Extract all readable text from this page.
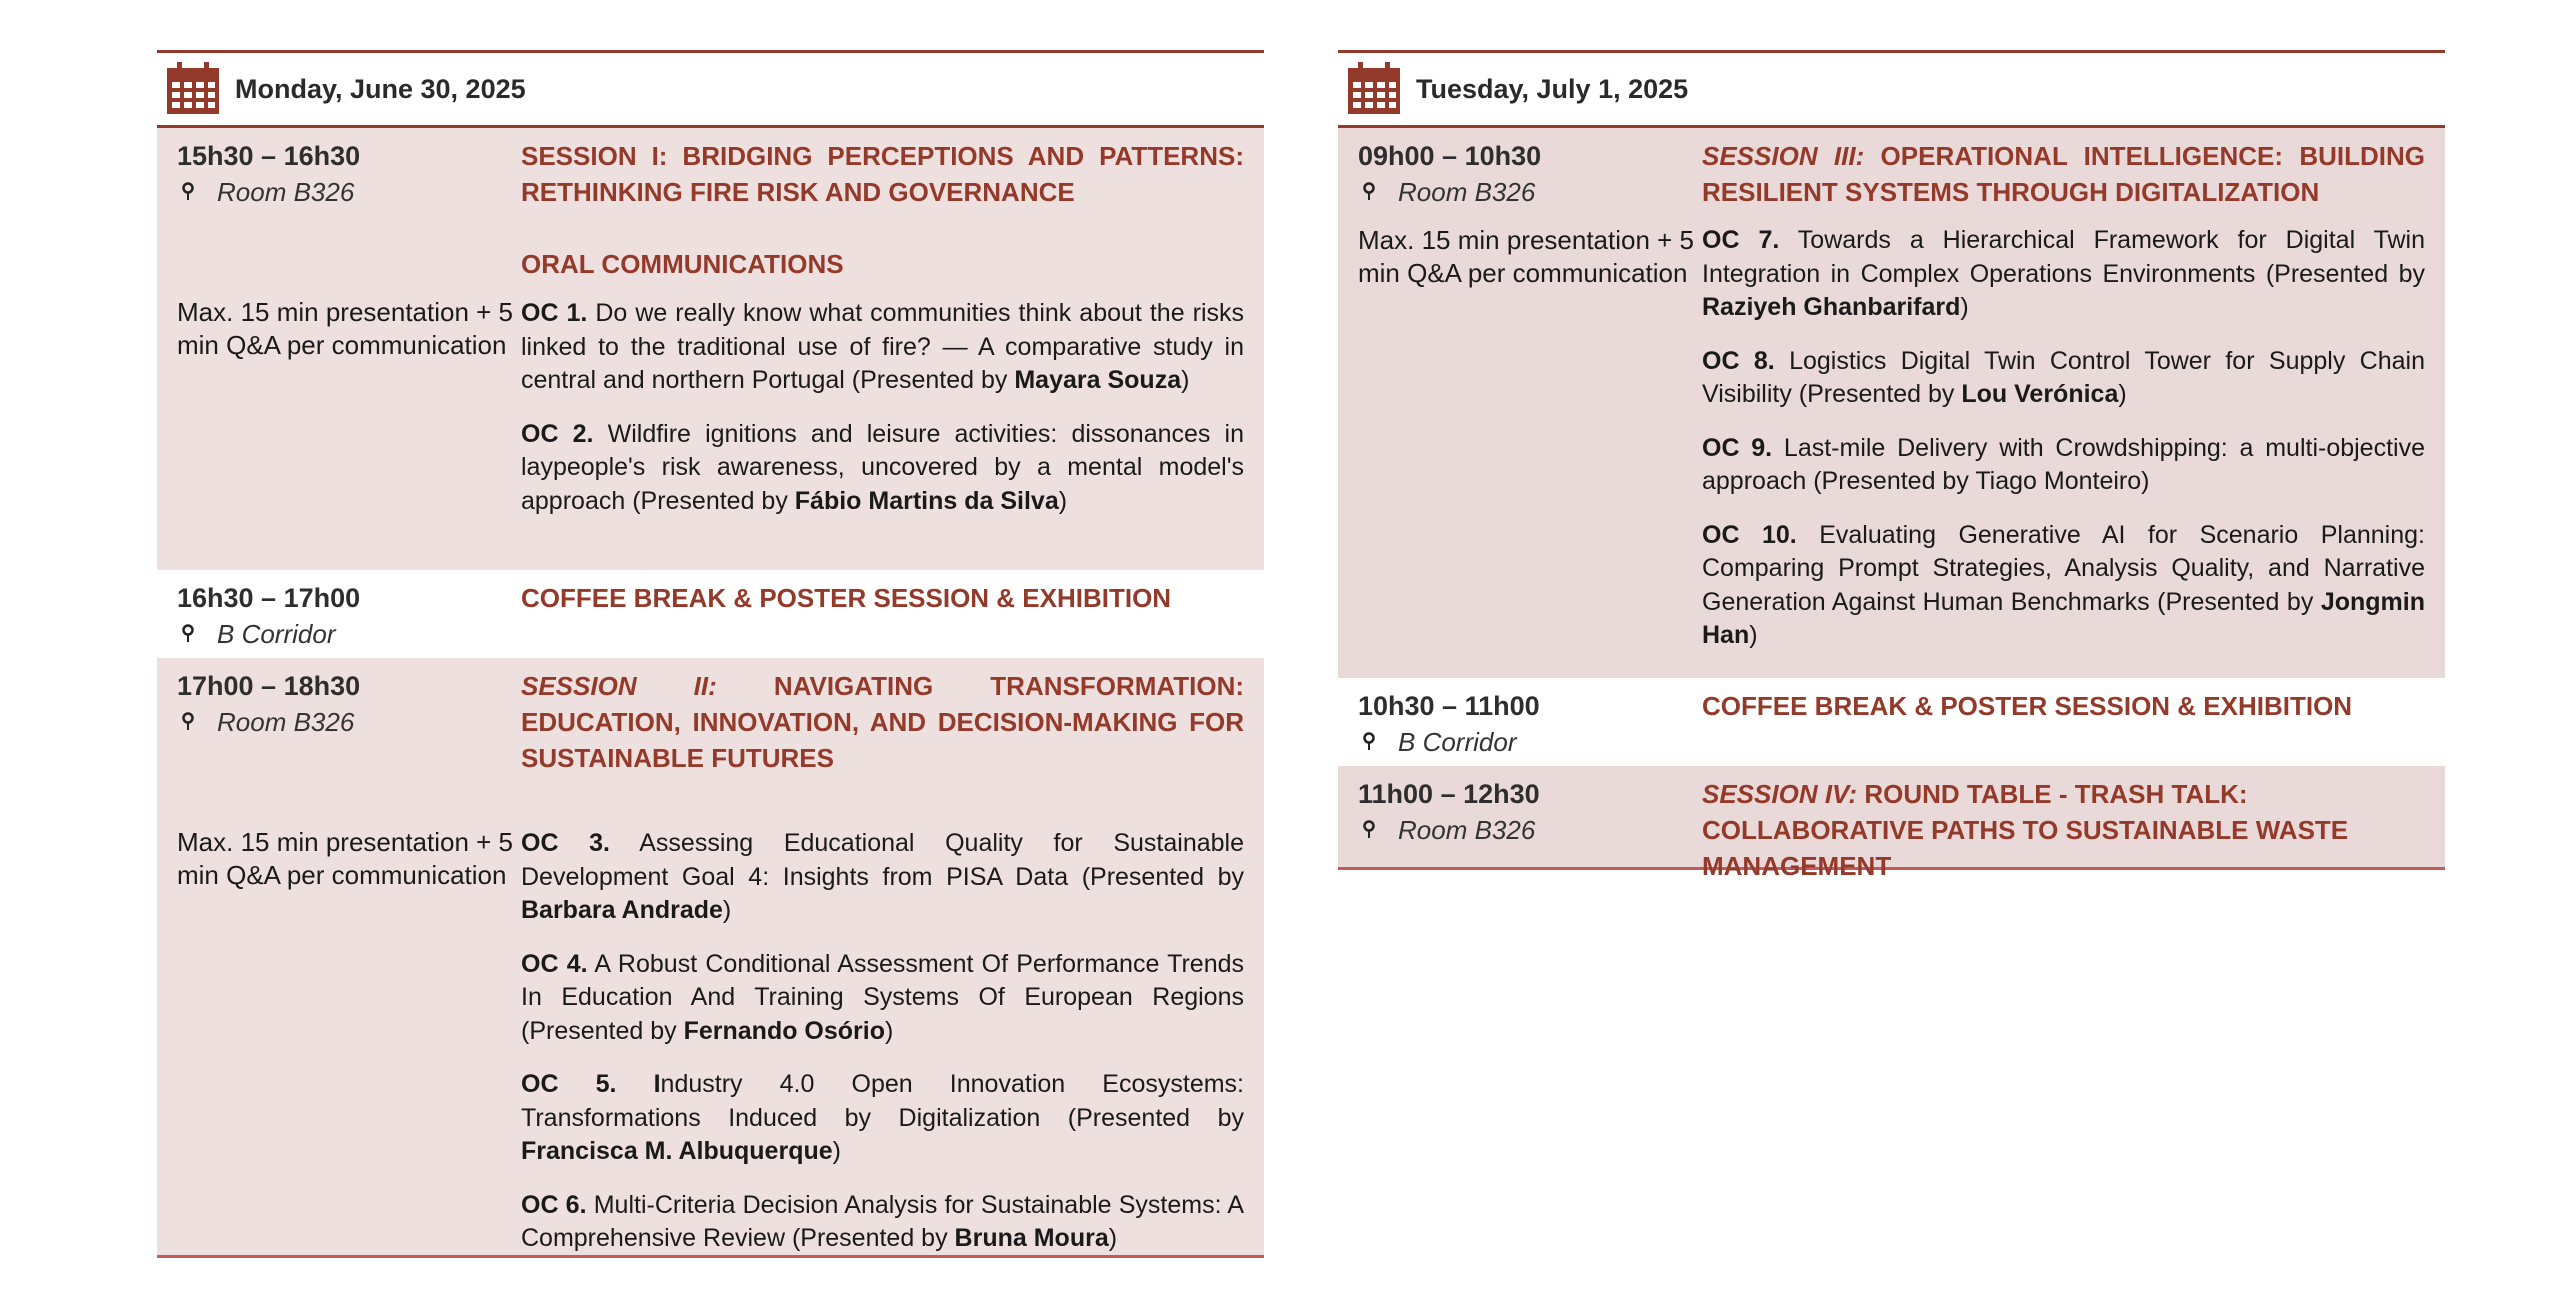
Monday, June 30, 2025
15h30 – 16h30
Room B326
Max. 15 min presentation + 5 min Q&A per communication
SESSION I: BRIDGING PERCEPTIONS AND PATTERNS: RETHINKING FIRE RISK AND GOVERNANCE
ORAL COMMUNICATIONS
OC 1. Do we really know what communities think about the risks linked to the traditional use of fire? — A comparative study in central and northern Portugal (Presented by Mayara Souza)
OC 2. Wildfire ignitions and leisure activities: dissonances in laypeople's risk awareness, uncovered by a mental model's approach (Presented by Fábio Martins da Silva)
16h30 – 17h00
B Corridor
COFFEE BREAK & POSTER SESSION & EXHIBITION
17h00 – 18h30
Room B326
Max. 15 min presentation + 5 min Q&A per communication
SESSION II: NAVIGATING TRANSFORMATION: EDUCATION, INNOVATION, AND DECISION-MAKING FOR SUSTAINABLE FUTURES
OC 3. Assessing Educational Quality for Sustainable Development Goal 4: Insights from PISA Data (Presented by Barbara Andrade)
OC 4. A Robust Conditional Assessment Of Performance Trends In Education And Training Systems Of European Regions (Presented by Fernando Osório)
OC 5. Industry 4.0 Open Innovation Ecosystems: Transformations Induced by Digitalization (Presented by Francisca M. Albuquerque)
OC 6. Multi-Criteria Decision Analysis for Sustainable Systems: A Comprehensive Review (Presented by Bruna Moura)
Tuesday, July 1, 2025
09h00 – 10h30
Room B326
Max. 15 min presentation + 5 min Q&A per communication
SESSION III: OPERATIONAL INTELLIGENCE: BUILDING RESILIENT SYSTEMS THROUGH DIGITALIZATION
OC 7. Towards a Hierarchical Framework for Digital Twin Integration in Complex Operations Environments (Presented by Raziyeh Ghanbarifard)
OC 8. Logistics Digital Twin Control Tower for Supply Chain Visibility (Presented by Lou Verónica)
OC 9. Last-mile Delivery with Crowdshipping: a multi-objective approach (Presented by Tiago Monteiro)
OC 10. Evaluating Generative AI for Scenario Planning: Comparing Prompt Strategies, Analysis Quality, and Narrative Generation Against Human Benchmarks (Presented by Jongmin Han)
10h30 – 11h00
B Corridor
COFFEE BREAK & POSTER SESSION & EXHIBITION
11h00 – 12h30
Room B326
SESSION IV: ROUND TABLE - TRASH TALK: COLLABORATIVE PATHS TO SUSTAINABLE WASTE MANAGEMENT
